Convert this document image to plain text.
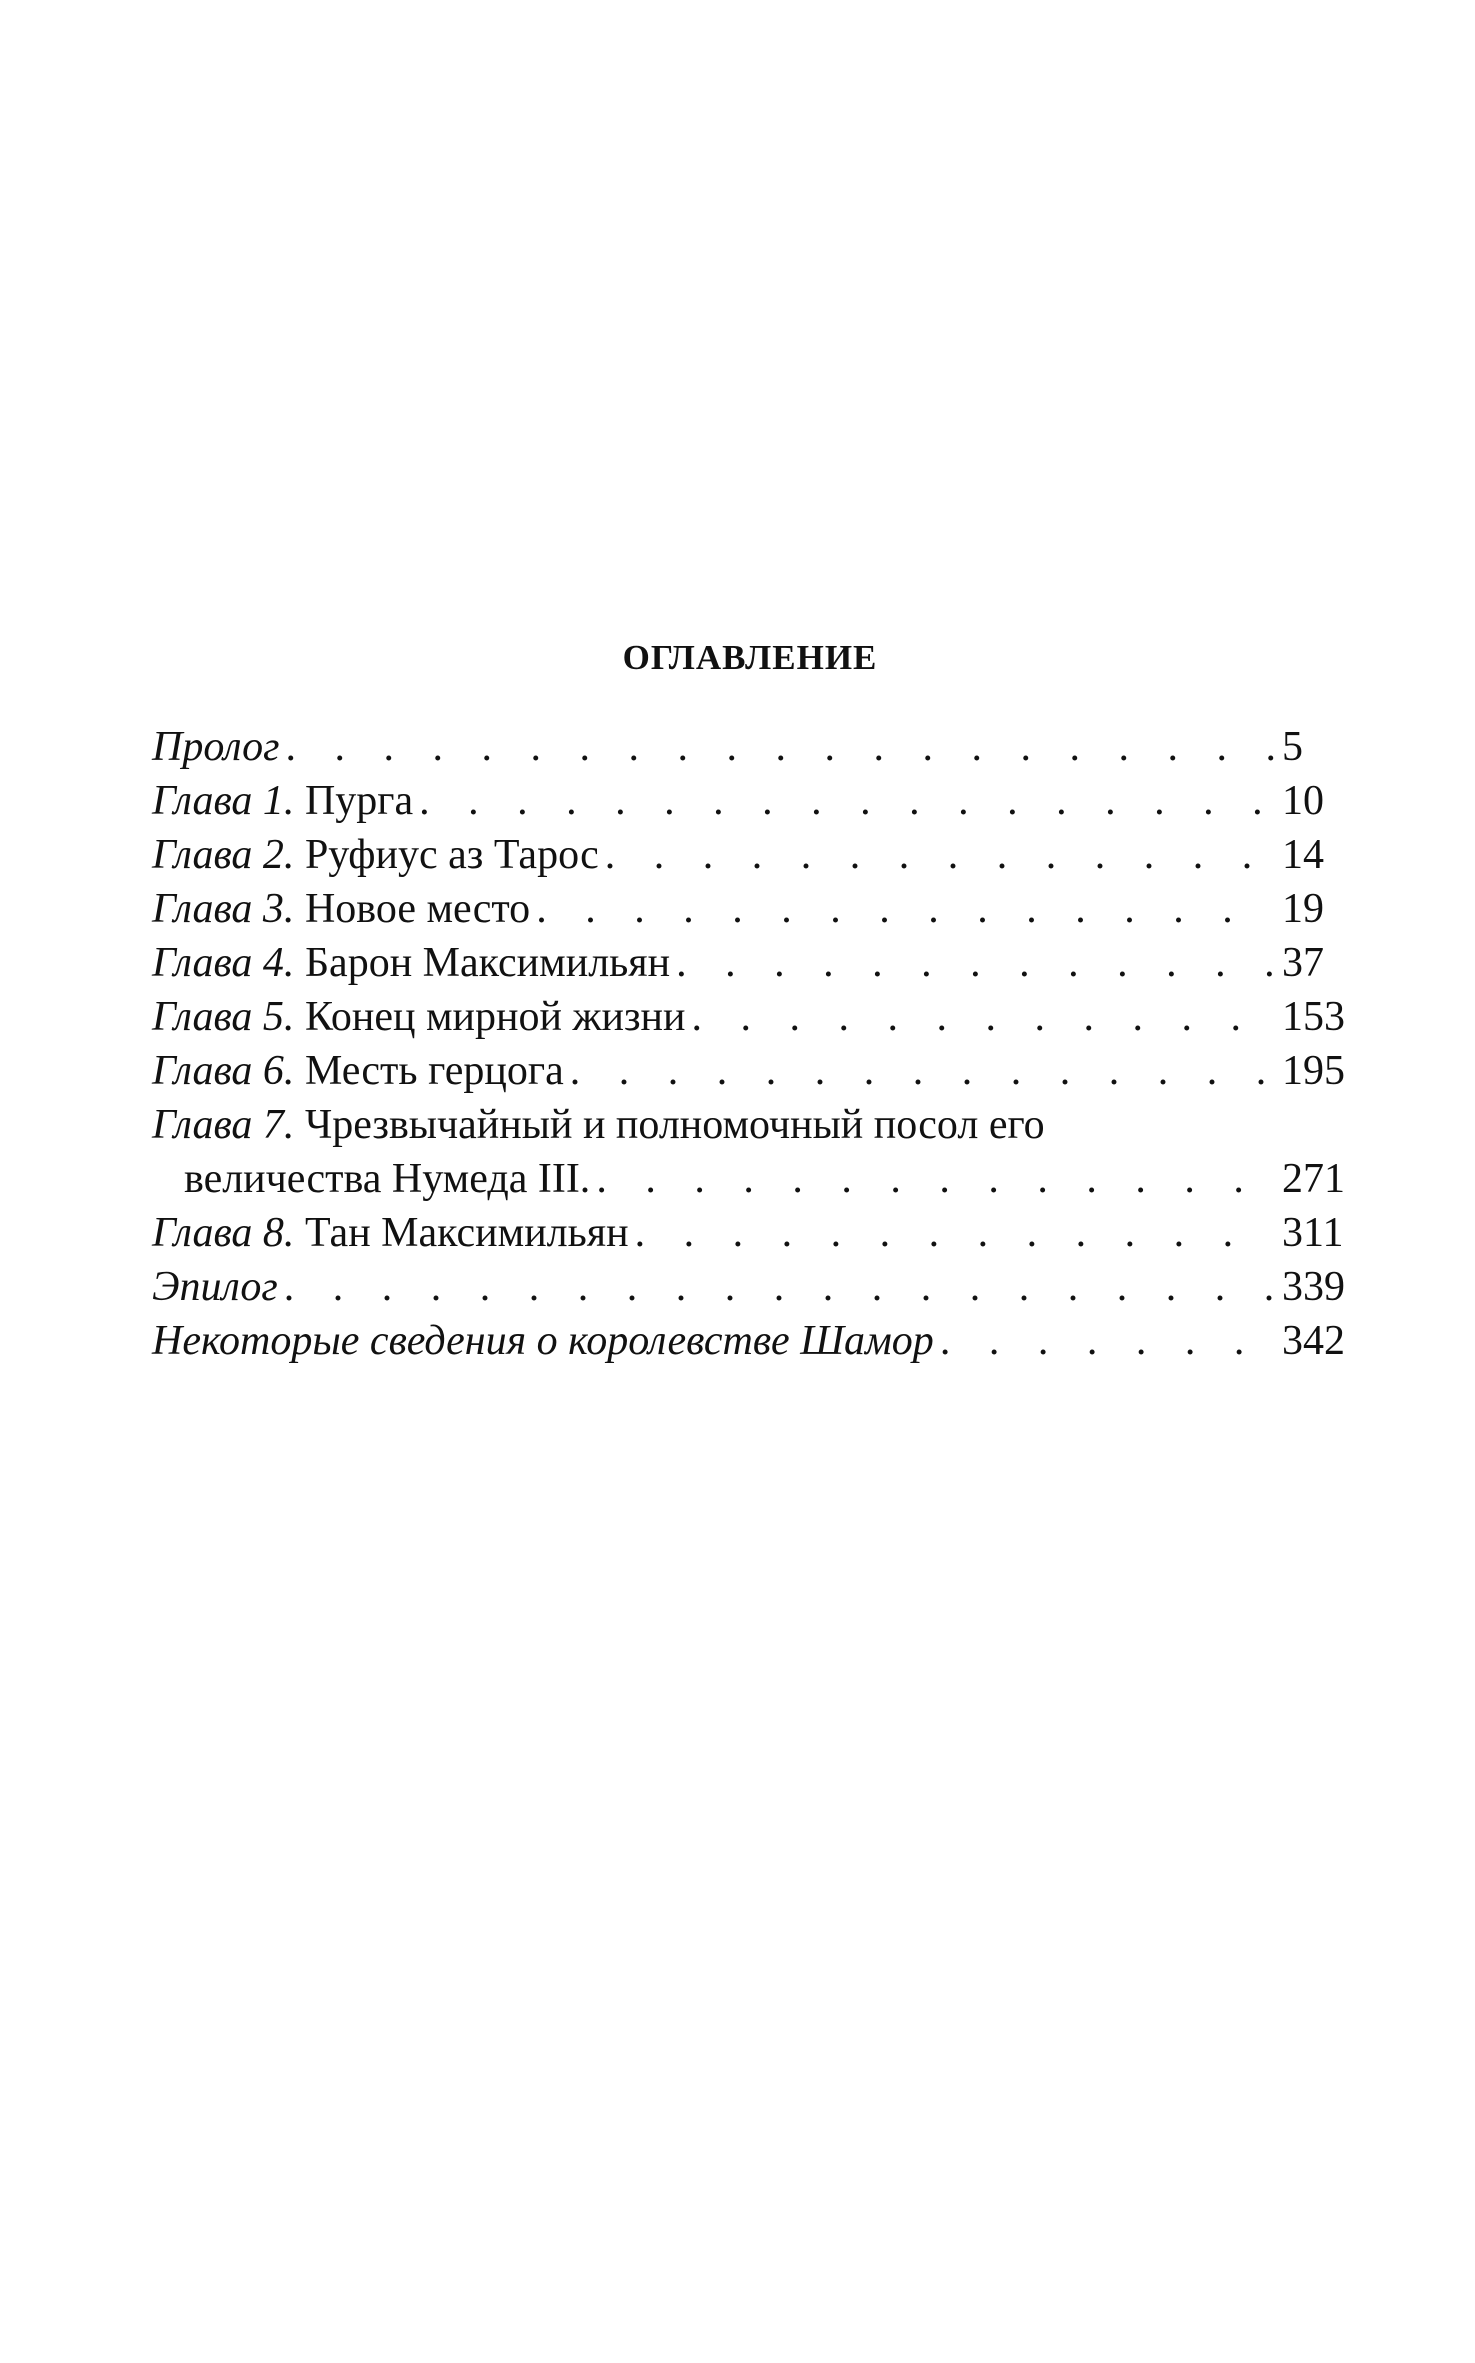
ОГЛАВЛЕНИЕ
Пролог . . .	5
Глава 1. Пурга . . .	10
Глава 2. Руфиус аз Тарос . . .	14
Глава 3. Новое место . . .	19
Глава 4. Барон Максимильян . . .	37
Глава 5. Конец мирной жизни . . .	153
Глава 6. Месть герцога . . .	195
Глава 7. Чрезвычайный и полномочный посол его
величества Нумеда III. . . .	271
Глава 8. Тан Максимильян . . .	311
Эпилог . . .	339
Некоторые сведения о королевстве Шамор . . .	342
